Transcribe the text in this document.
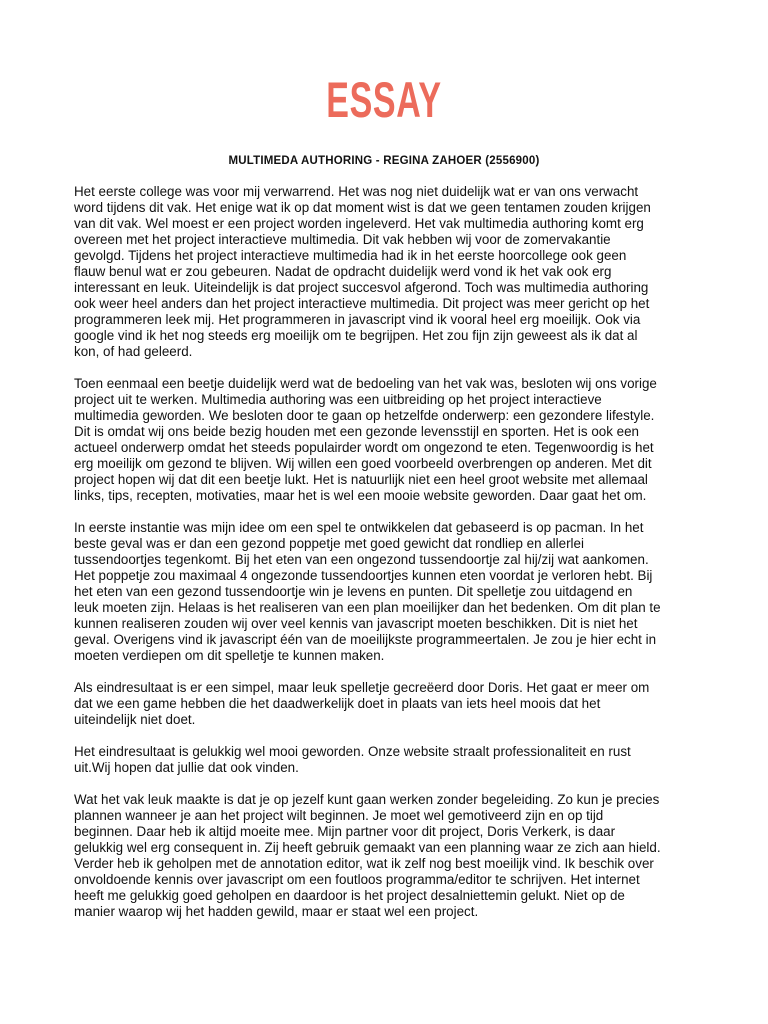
ESSAY
MULTIMEDA AUTHORING - REGINA ZAHOER (2556900)

Het eerste college was voor mij verwarrend. Het was nog niet duidelijk wat er van ons verwacht
word tijdens dit vak. Het enige wat ik op dat moment wist is dat we geen tentamen zouden krijgen
van dit vak. Wel moest er een project worden ingeleverd. Het vak multimedia authoring komt erg
overeen met het project interactieve multimedia. Dit vak hebben wij voor de zomervakantie
gevolgd. Tijdens het project interactieve multimedia had ik in het eerste hoorcollege ook geen
flauw benul wat er zou gebeuren. Nadat de opdracht duidelijk werd vond ik het vak ook erg
interessant en leuk. Uiteindelijk is dat project succesvol afgerond. Toch was multimedia authoring
ook weer heel anders dan het project interactieve multimedia. Dit project was meer gericht op het
programmeren leek mij. Het programmeren in javascript vind ik vooral heel erg moeilijk. Ook via
google vind ik het nog steeds erg moeilijk om te begrijpen. Het zou fijn zijn geweest als ik dat al
kon, of had geleerd.

Toen eenmaal een beetje duidelijk werd wat de bedoeling van het vak was, besloten wij ons vorige
project uit te werken. Multimedia authoring was een uitbreiding op het project interactieve
multimedia geworden. We besloten door te gaan op hetzelfde onderwerp: een gezondere lifestyle.
Dit is omdat wij ons beide bezig houden met een gezonde levensstijl en sporten. Het is ook een
actueel onderwerp omdat het steeds populairder wordt om ongezond te eten. Tegenwoordig is het
erg moeilijk om gezond te blijven. Wij willen een goed voorbeeld overbrengen op anderen. Met dit
project hopen wij dat dit een beetje lukt. Het is natuurlijk niet een heel groot website met allemaal
links, tips, recepten, motivaties, maar het is wel een mooie website geworden. Daar gaat het om.

In eerste instantie was mijn idee om een spel te ontwikkelen dat gebaseerd is op pacman. In het
beste geval was er dan een gezond poppetje met goed gewicht dat rondliep en allerlei
tussendoortjes tegenkomt. Bij het eten van een ongezond tussendoortje zal hij/zij wat aankomen.
Het poppetje zou maximaal 4 ongezonde tussendoortjes kunnen eten voordat je verloren hebt. Bij
het eten van een gezond tussendoortje win je levens en punten. Dit spelletje zou uitdagend en
leuk moeten zijn. Helaas is het realiseren van een plan moeilijker dan het bedenken. Om dit plan te
kunnen realiseren zouden wij over veel kennis van javascript moeten beschikken. Dit is niet het
geval. Overigens vind ik javascript één van de moeilijkste programmeertalen. Je zou je hier echt in
moeten verdiepen om dit spelletje te kunnen maken.

Als eindresultaat is er een simpel, maar leuk spelletje gecreëerd door Doris. Het gaat er meer om
dat we een game hebben die het daadwerkelijk doet in plaats van iets heel moois dat het
uiteindelijk niet doet.

Het eindresultaat is gelukkig wel mooi geworden. Onze website straalt professionaliteit en rust
uit.Wij hopen dat jullie dat ook vinden.

Wat het vak leuk maakte is dat je op jezelf kunt gaan werken zonder begeleiding. Zo kun je precies
plannen wanneer je aan het project wilt beginnen. Je moet wel gemotiveerd zijn en op tijd
beginnen. Daar heb ik altijd moeite mee. Mijn partner voor dit project, Doris Verkerk, is daar
gelukkig wel erg consequent in. Zij heeft gebruik gemaakt van een planning waar ze zich aan hield.
Verder heb ik geholpen met de annotation editor, wat ik zelf nog best moeilijk vind. Ik beschik over
onvoldoende kennis over javascript om een foutloos programma/editor te schrijven. Het internet
heeft me gelukkig goed geholpen en daardoor is het project desalniettemin gelukt. Niet op de
manier waarop wij het hadden gewild, maar er staat wel een project.
